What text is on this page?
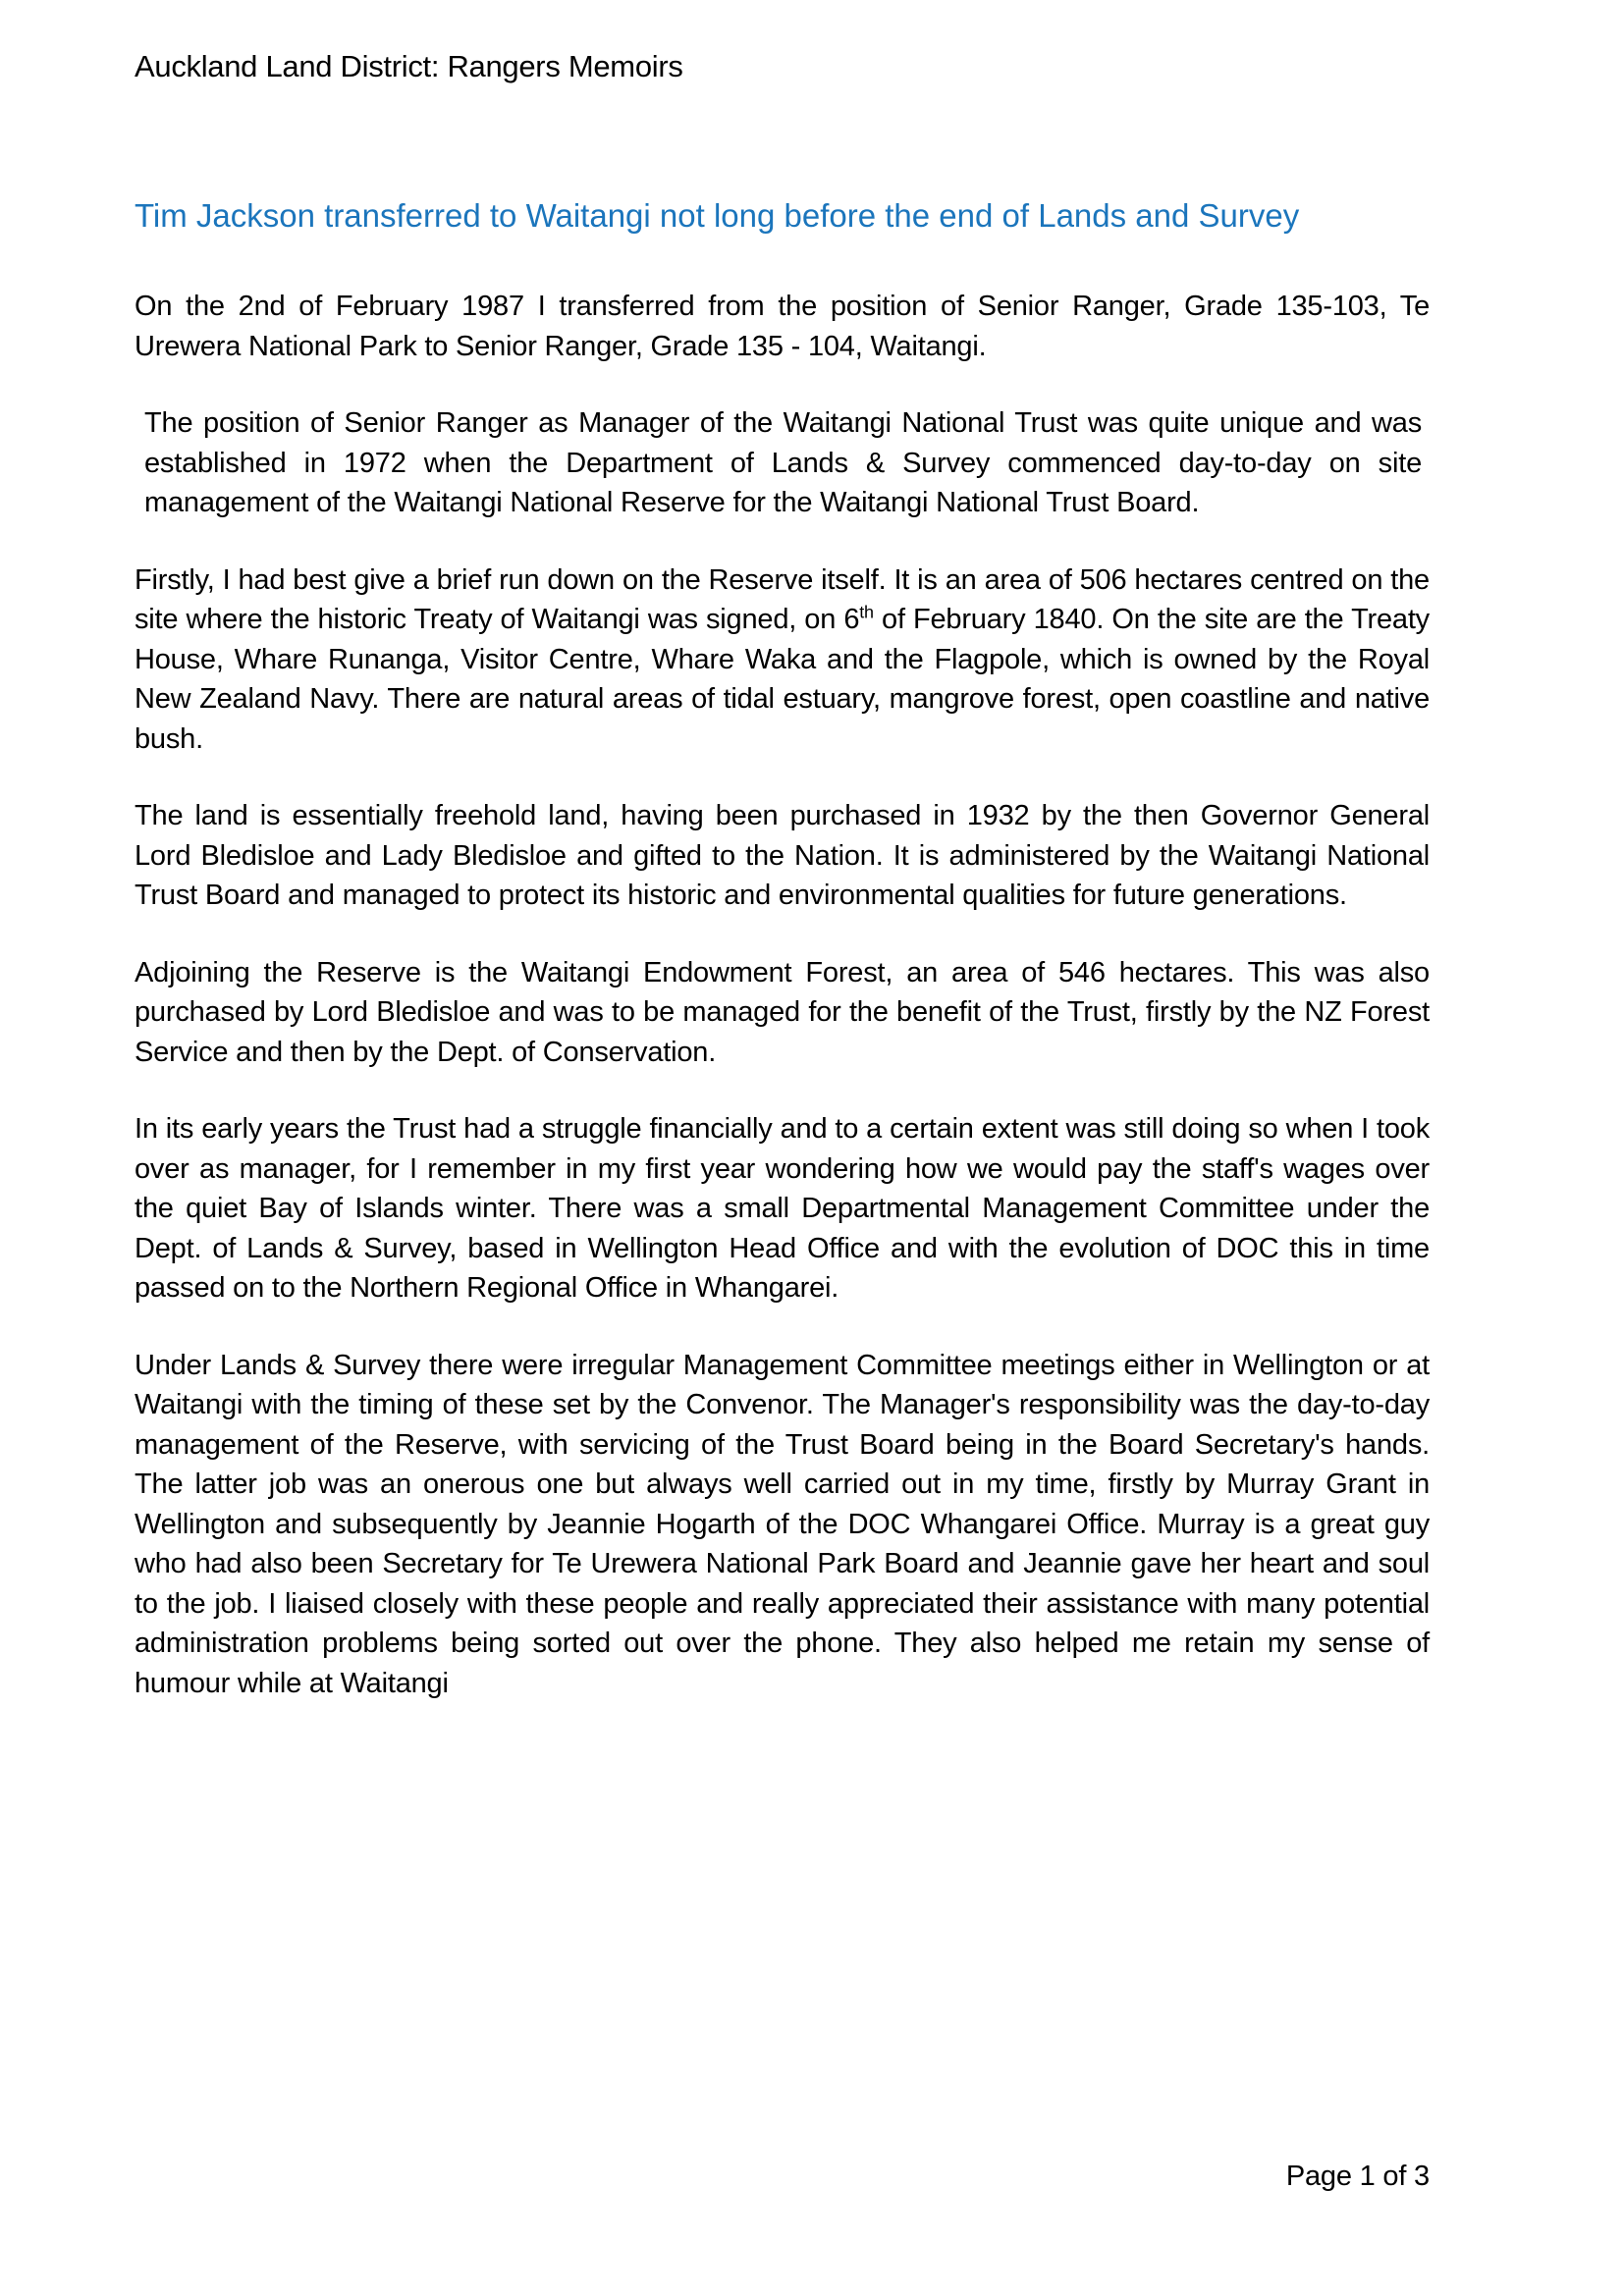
Auckland Land District: Rangers Memoirs
Tim Jackson transferred to Waitangi not long before the end of Lands and Survey

On the 2nd of February 1987 I transferred from the position of Senior Ranger, Grade 135-103, Te Urewera National Park to Senior Ranger, Grade 135 - 104, Waitangi.

The position of Senior Ranger as Manager of the Waitangi National Trust was quite unique and was established in 1972 when the Department of Lands & Survey commenced day-to-day on site management of the Waitangi National Reserve for the Waitangi National Trust Board.

Firstly, I had best give a brief run down on the Reserve itself. It is an area of 506 hectares centred on the site where the historic Treaty of Waitangi was signed, on 6th of February 1840. On the site are the Treaty House, Whare Runanga, Visitor Centre, Whare Waka and the Flagpole, which is owned by the Royal New Zealand Navy. There are natural areas of tidal estuary, mangrove forest, open coastline and native bush.

The land is essentially freehold land, having been purchased in 1932 by the then Governor General Lord Bledisloe and Lady Bledisloe and gifted to the Nation. It is administered by the Waitangi National Trust Board and managed to protect its historic and environmental qualities for future generations.

Adjoining the Reserve is the Waitangi Endowment Forest, an area of 546 hectares. This was also purchased by Lord Bledisloe and was to be managed for the benefit of the Trust, firstly by the NZ Forest Service and then by the Dept. of Conservation.

In its early years the Trust had a struggle financially and to a certain extent was still doing so when I took over as manager, for I remember in my first year wondering how we would pay the staff's wages over the quiet Bay of Islands winter. There was a small Departmental Management Committee under the Dept. of Lands & Survey, based in Wellington Head Office and with the evolution of DOC this in time passed on to the Northern Regional Office in Whangarei.

Under Lands & Survey there were irregular Management Committee meetings either in Wellington or at Waitangi with the timing of these set by the Convenor. The Manager's responsibility was the day-to-day management of the Reserve, with servicing of the Trust Board being in the Board Secretary's hands. The latter job was an onerous one but always well carried out in my time, firstly by Murray Grant in Wellington and subsequently by Jeannie Hogarth of the DOC Whangarei Office. Murray is a great guy who had also been Secretary for Te Urewera National Park Board and Jeannie gave her heart and soul to the job. I liaised closely with these people and really appreciated their assistance with many potential administration problems being sorted out over the phone. They also helped me retain my sense of humour while at Waitangi

Page 1 of 3
